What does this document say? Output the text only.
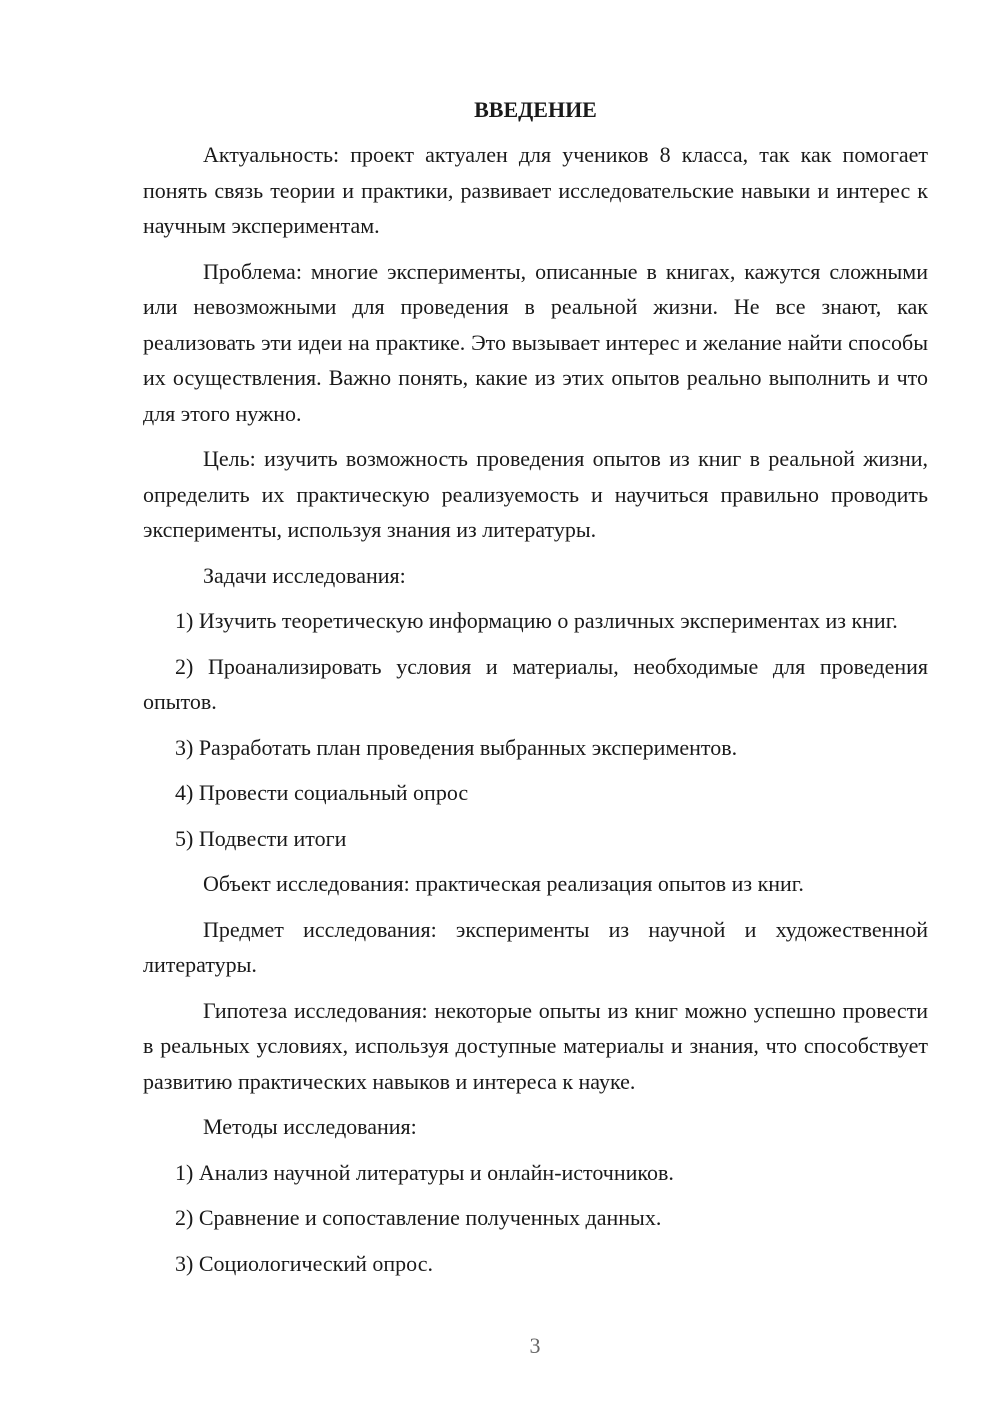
ВВЕДЕНИЕ

Актуальность: проект актуален для учеников 8 класса, так как помогает понять связь теории и практики, развивает исследовательские навыки и интерес к научным экспериментам.

Проблема: многие эксперименты, описанные в книгах, кажутся сложными или невозможными для проведения в реальной жизни. Не все знают, как реализовать эти идеи на практике. Это вызывает интерес и желание найти способы их осуществления. Важно понять, какие из этих опытов реально выполнить и что для этого нужно.

Цель: изучить возможность проведения опытов из книг в реальной жизни, определить их практическую реализуемость и научиться правильно проводить эксперименты, используя знания из литературы.

Задачи исследования:

1) Изучить теоретическую информацию о различных экспериментах из книг.

2) Проанализировать условия и материалы, необходимые для проведения опытов.

3) Разработать план проведения выбранных экспериментов.

4) Провести социальный опрос

5) Подвести итоги

Объект исследования: практическая реализация опытов из книг.

Предмет исследования: эксперименты из научной и художественной литературы.

Гипотеза исследования: некоторые опыты из книг можно успешно провести в реальных условиях, используя доступные материалы и знания, что способствует развитию практических навыков и интереса к науке.

Методы исследования:

1) Анализ научной литературы и онлайн-источников.

2) Сравнение и сопоставление полученных данных.

3) Социологический опрос.

3
